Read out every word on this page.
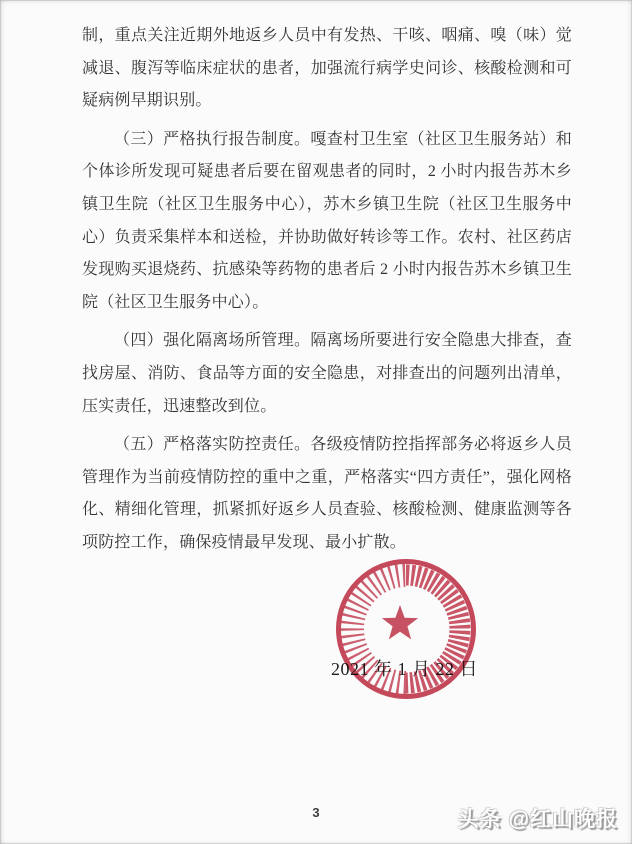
制，重点关注近期外地返乡人员中有发热、干咳、咽痛、嗅（味）觉减退、腹泻等临床症状的患者，加强流行病学史问诊、核酸检测和可疑病例早期识别。

（三）严格执行报告制度。嘎查村卫生室（社区卫生服务站）和个体诊所发现可疑患者后要在留观患者的同时，2 小时内报告苏木乡镇卫生院（社区卫生服务中心），苏木乡镇卫生院（社区卫生服务中心）负责采集样本和送检，并协助做好转诊等工作。农村、社区药店发现购买退烧药、抗感染等药物的患者后 2 小时内报告苏木乡镇卫生院（社区卫生服务中心）。

（四）强化隔离场所管理。隔离场所要进行安全隐患大排查，查找房屋、消防、食品等方面的安全隐患，对排查出的问题列出清单，压实责任，迅速整改到位。

（五）严格落实防控责任。各级疫情防控指挥部务必将返乡人员管理作为当前疫情防控的重中之重，严格落实“四方责任”，强化网格化、精细化管理，抓紧抓好返乡人员查验、核酸检测、健康监测等各项防控工作，确保疫情最早发现、最小扩散。

2021 年 1 月 22 日
3	头条 @红山晚报
